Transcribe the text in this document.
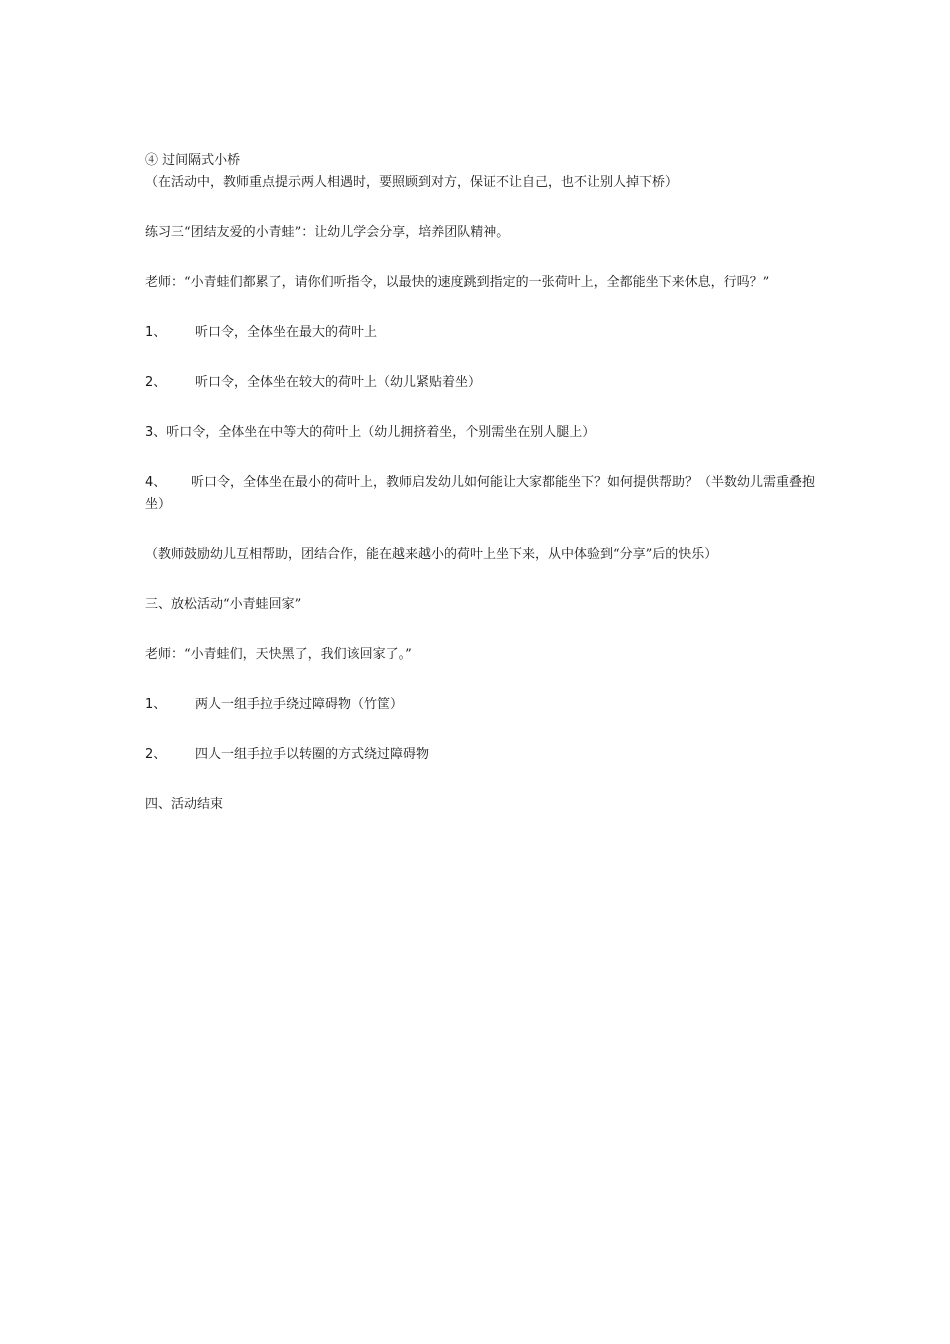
④ 过间隔式小桥

（在活动中，教师重点提示两人相遇时，要照顾到对方，保证不让自己，也不让别人掉下桥）

练习三“团结友爱的小青蛙”：让幼儿学会分享，培养团队精神。

老师：“小青蛙们都累了，请你们听指令，以最快的速度跳到指定的一张荷叶上，全都能坐下来休息，行吗？”

1、 听口令，全体坐在最大的荷叶上

2、 听口令，全体坐在较大的荷叶上（幼儿紧贴着坐）

3、听口令，全体坐在中等大的荷叶上（幼儿拥挤着坐，个别需坐在别人腿上）

4、 听口令，全体坐在最小的荷叶上，教师启发幼儿如何能让大家都能坐下？如何提供帮助？（半数幼儿需重叠抱坐）

（教师鼓励幼儿互相帮助，团结合作，能在越来越小的荷叶上坐下来，从中体验到“分享”后的快乐）

三、放松活动“小青蛙回家”

老师：“小青蛙们，天快黑了，我们该回家了。”

1、 两人一组手拉手绕过障碍物（竹筐）

2、 四人一组手拉手以转圈的方式绕过障碍物

四、活动结束
